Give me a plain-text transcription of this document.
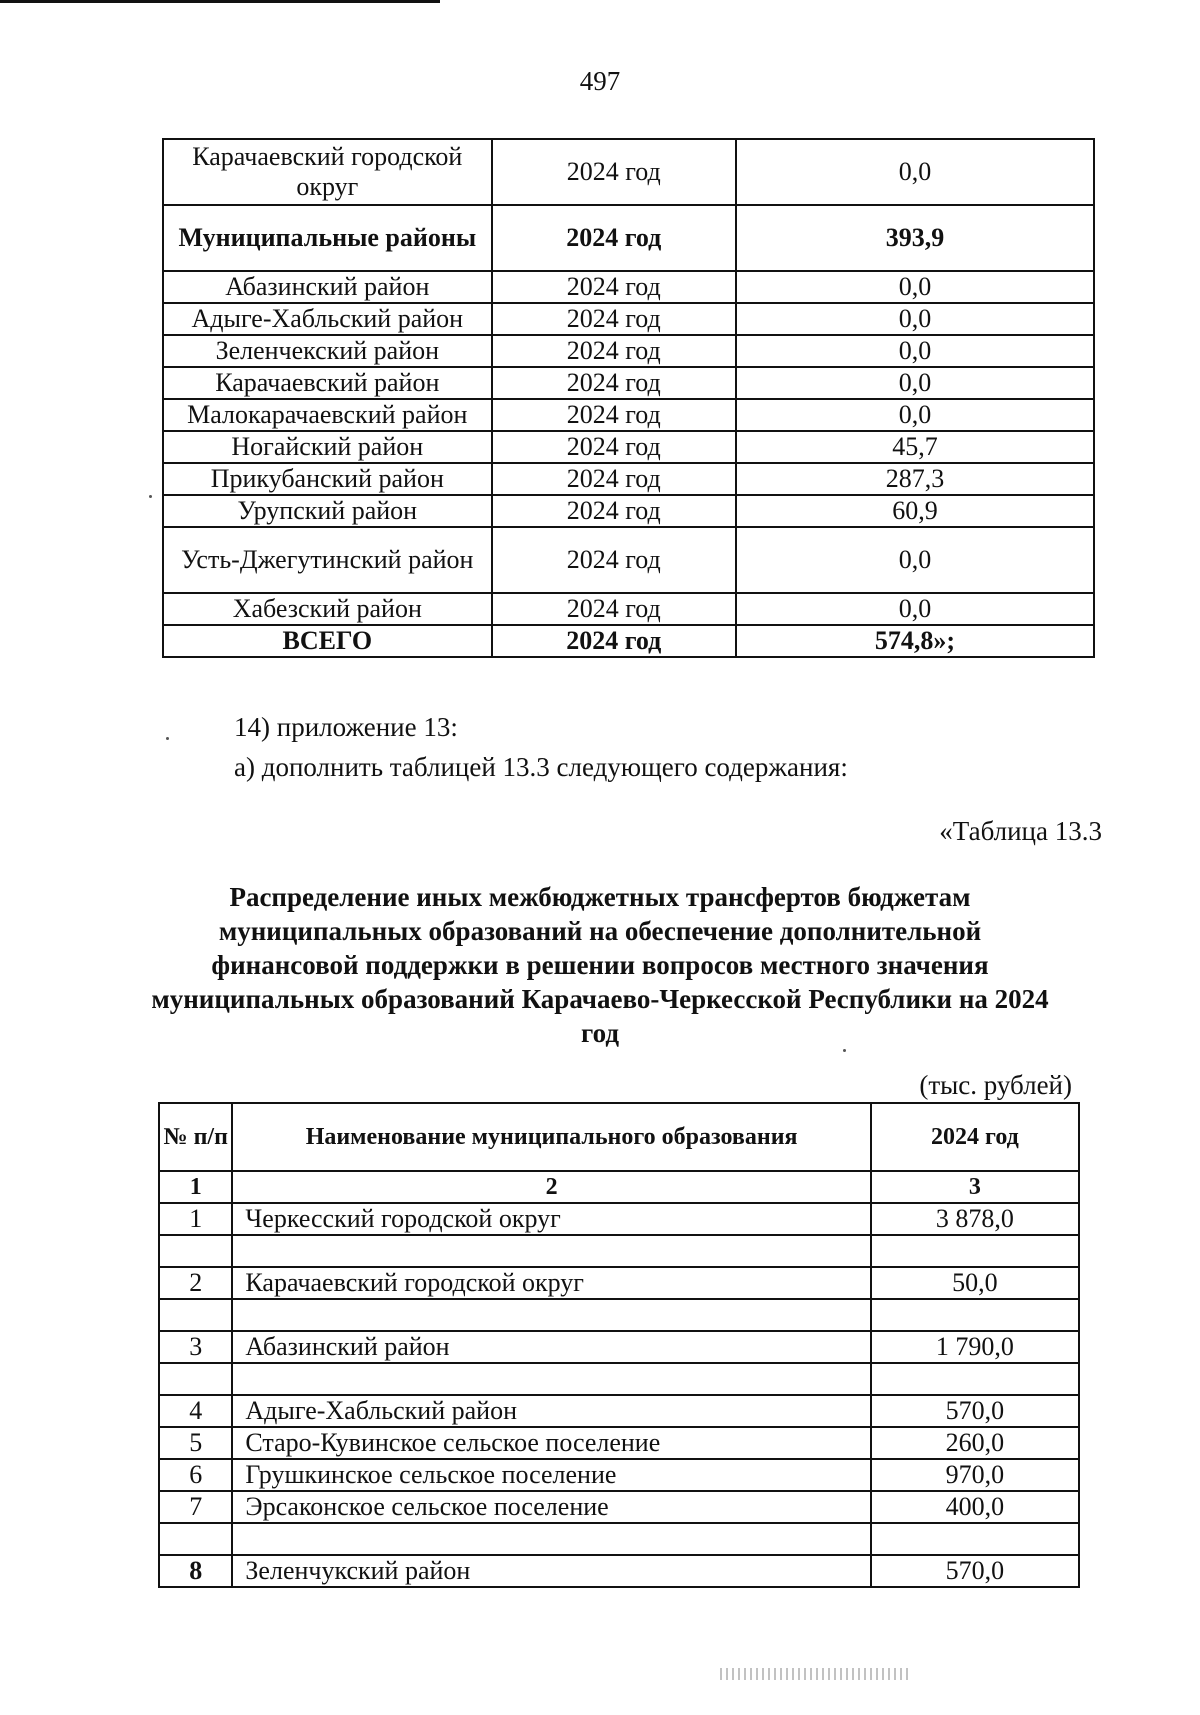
497
Карачаевский городской округ	2024 год	0,0
Муниципальные районы	2024 год	393,9
Абазинский район	2024 год	0,0
Адыге-Хабльский район	2024 год	0,0
Зеленчекский район	2024 год	0,0
Карачаевский район	2024 год	0,0
Малокарачаевский район	2024 год	0,0
Ногайский район	2024 год	45,7
Прикубанский район	2024 год	287,3
Урупский район	2024 год	60,9
Усть-Джегутинский район	2024 год	0,0
Хабезский район	2024 год	0,0
ВСЕГО	2024 год	574,8»;
14) приложение 13:
а) дополнить таблицей 13.3 следующего содержания:
«Таблица 13.3
Распределение иных межбюджетных трансфертов бюджетам муниципальных образований на обеспечение дополнительной финансовой поддержки в решении вопросов местного значения муниципальных образований Карачаево-Черкесской Республики на 2024 год
(тыс. рублей)
№ п/п	Наименование муниципального образования	2024 год
1	2	3
1	Черкесский городской округ	3 878,0

2	Карачаевский городской округ	50,0

3	Абазинский район	1 790,0

4	Адыге-Хабльский район	570,0
5	Старо-Кувинское сельское поселение	260,0
6	Грушкинское сельское поселение	970,0
7	Эрсаконское сельское поселение	400,0

8	Зеленчукский район	570,0
